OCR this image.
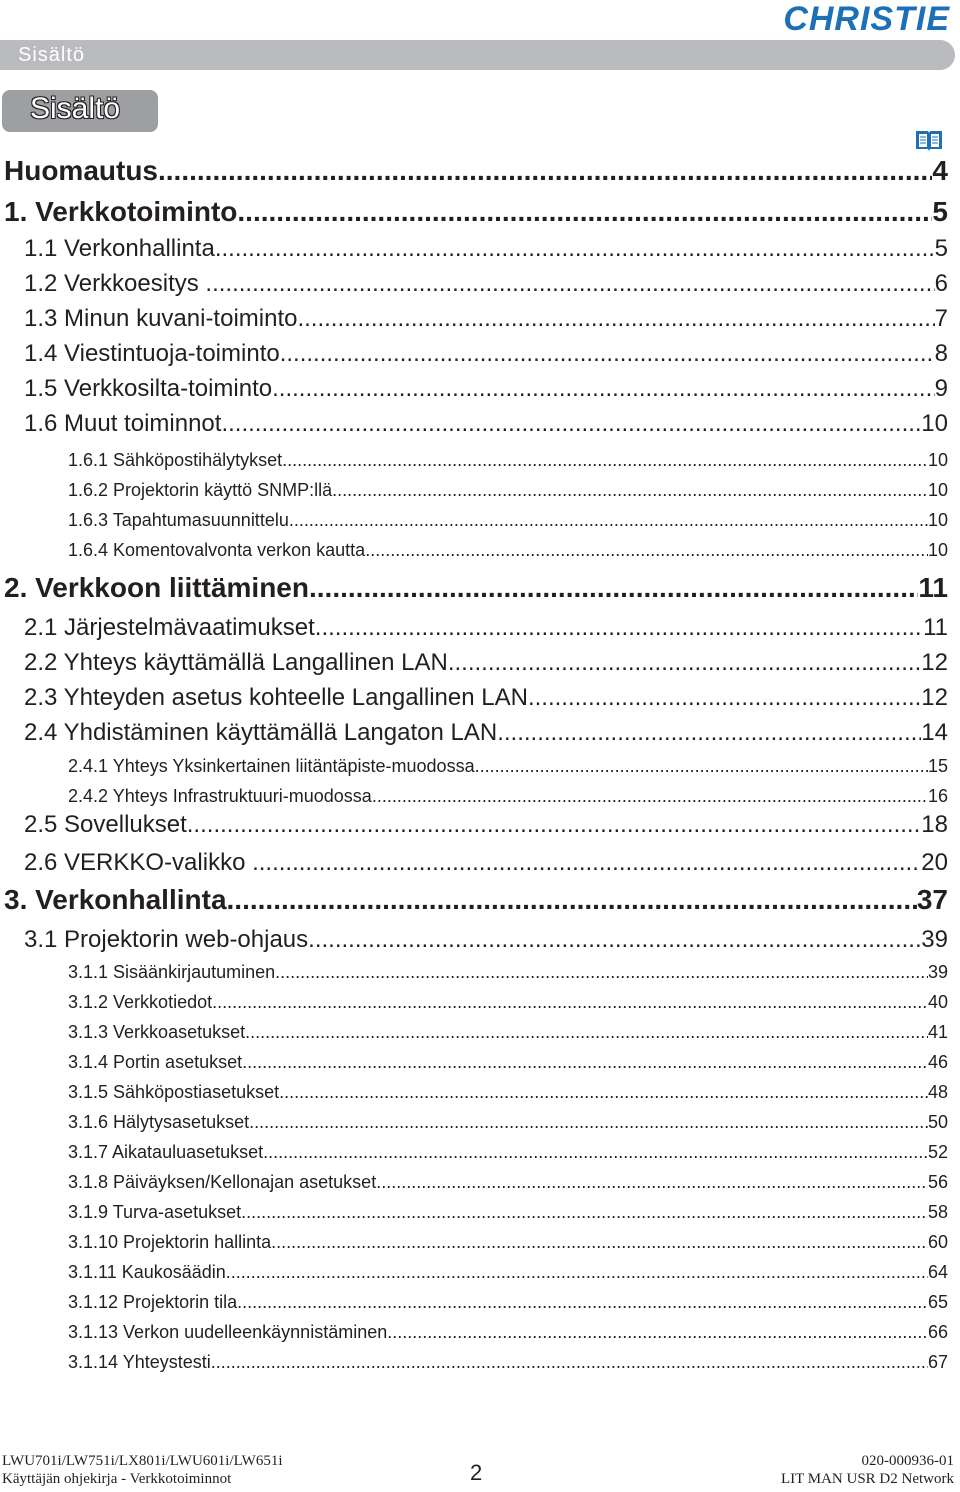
CHRISTIE
Sisältö
Sisältö
Huomautus .....	4
1. Verkkotoiminto .....	5
1.1 Verkonhallinta .....	5
1.2 Verkkoesitys . .....	6
1.3 Minun kuvani-toiminto .....	7
1.4 Viestintuoja-toiminto .....	8
1.5 Verkkosilta-toiminto .....	9
1.6 Muut toiminnot .....	10
1.6.1 Sähköpostihälytykset .....	10
1.6.2 Projektorin käyttö SNMP:llä .....	10
1.6.3 Tapahtumasuunnittelu .....	10
1.6.4 Komentovalvonta verkon kautta .....	10
2. Verkkoon liittäminen .....	11
2.1 Järjestelmävaatimukset .....	11
2.2 Yhteys käyttämällä Langallinen LAN .....	12
2.3 Yhteyden asetus kohteelle Langallinen LAN .....	12
2.4 Yhdistäminen käyttämällä Langaton LAN .....	14
2.4.1 Yhteys Yksinkertainen liitäntäpiste-muodossa .....	15
2.4.2 Yhteys Infrastruktuuri-muodossa .....	16
2.5 Sovellukset .....	18
2.6 VERKKO-valikko . .....	20
3. Verkonhallinta .....	37
3.1 Projektorin web-ohjaus .....	39
3.1.1 Sisäänkirjautuminen .....	39
3.1.2 Verkkotiedot .....	40
3.1.3 Verkkoasetukset .....	41
3.1.4 Portin asetukset .....	46
3.1.5 Sähköpostiasetukset .....	48
3.1.6 Hälytysasetukset .....	50
3.1.7 Aikatauluasetukset .....	52
3.1.8 Päiväyksen/Kellonajan asetukset .....	56
3.1.9 Turva-asetukset .....	58
3.1.10 Projektorin hallinta .....	60
3.1.11 Kaukosäädin .....	64
3.1.12 Projektorin tila .....	65
3.1.13 Verkon uudelleenkäynnistäminen .....	66
3.1.14 Yhteystesti .....	67
LWU701i/LW751i/LX801i/LWU601i/LW651i
Käyttäjän ohjekirja - Verkkotoiminnot	2	020-000936-01
LIT MAN USR D2 Network
